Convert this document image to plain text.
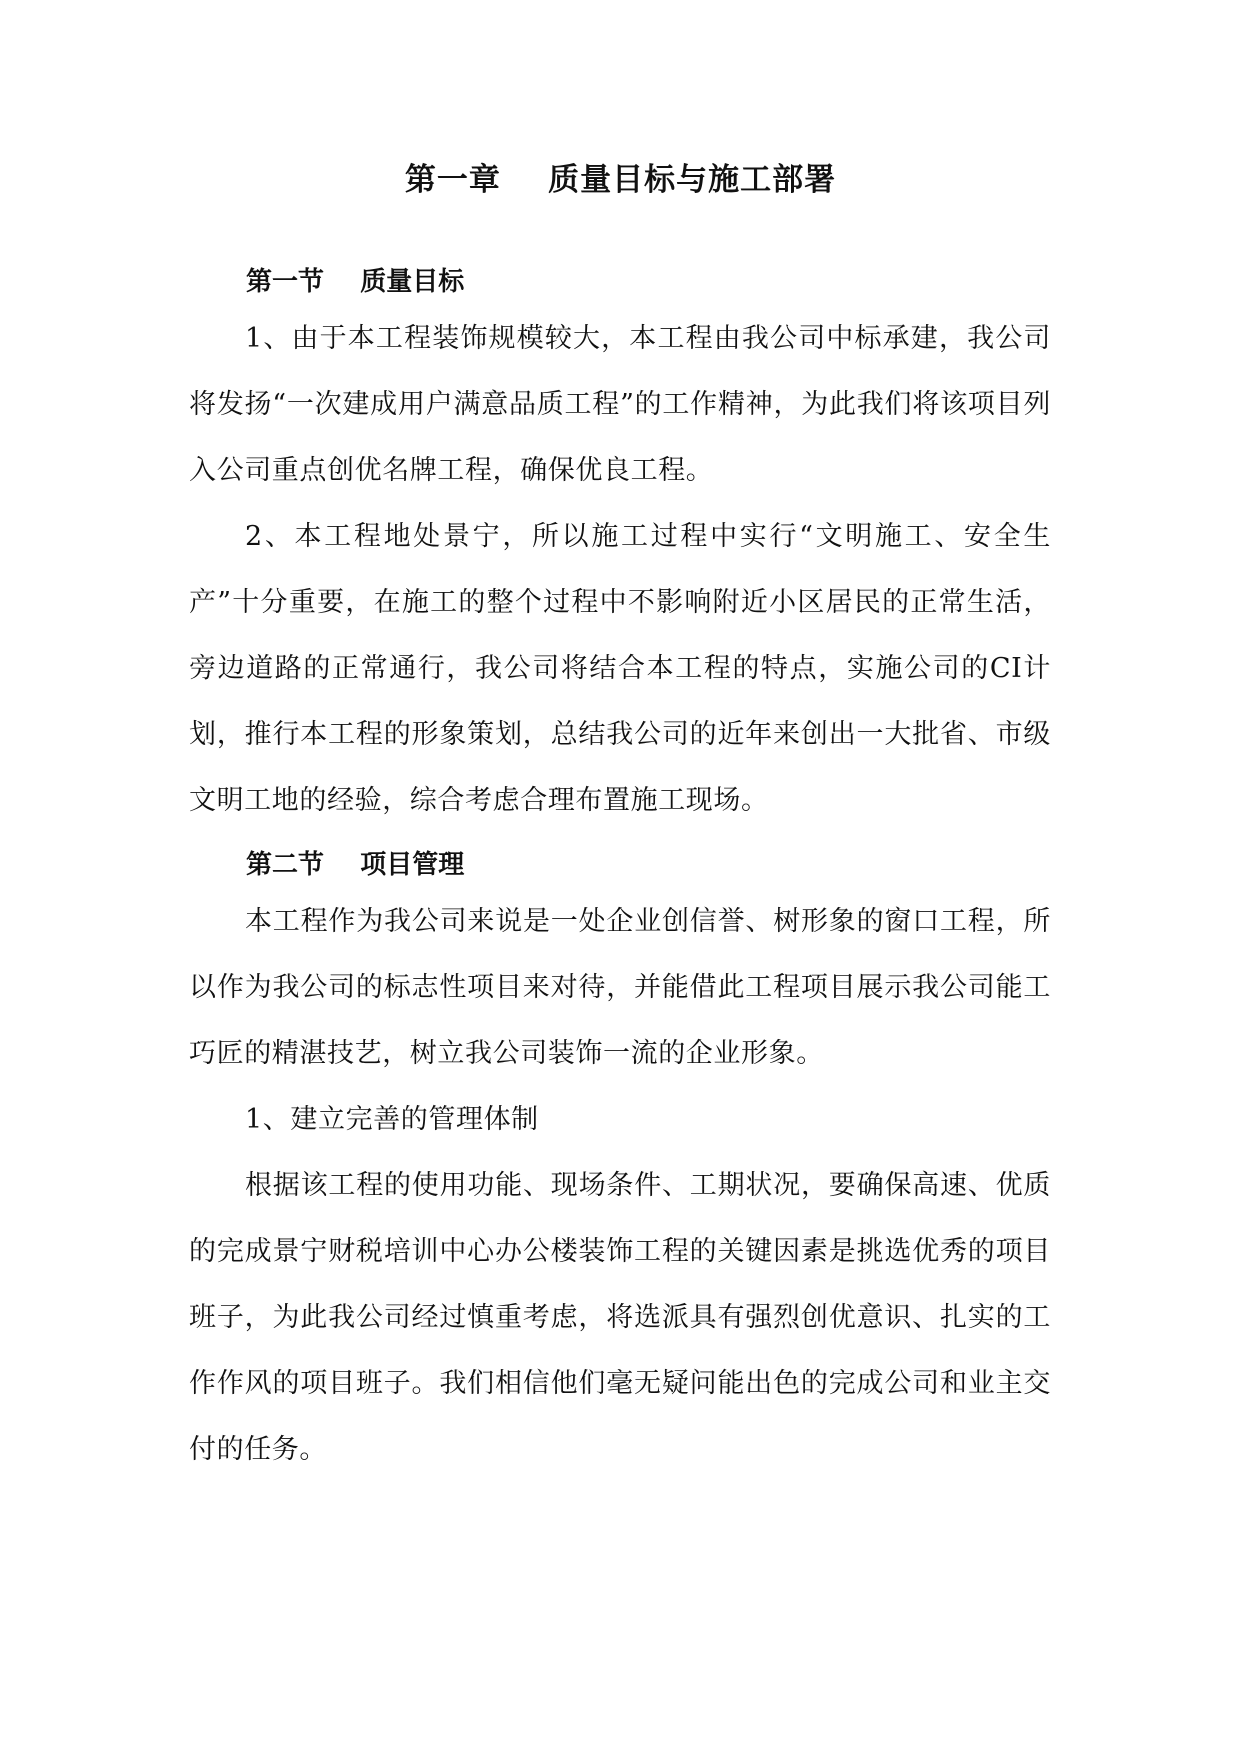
第一章    质量目标与施工部署
第一节    质量目标

1、由于本工程装饰规模较大，本工程由我公司中标承建，我公司将发扬“一次建成用户满意品质工程”的工作精神，为此我们将该项目列入公司重点创优名牌工程，确保优良工程。

2、本工程地处景宁，所以施工过程中实行“文明施工、安全生产”十分重要，在施工的整个过程中不影响附近小区居民的正常生活，旁边道路的正常通行，我公司将结合本工程的特点，实施公司的CI计划，推行本工程的形象策划，总结我公司的近年来创出一大批省、市级文明工地的经验，综合考虑合理布置施工现场。

第二节    项目管理

本工程作为我公司来说是一处企业创信誉、树形象的窗口工程，所以作为我公司的标志性项目来对待，并能借此工程项目展示我公司能工巧匠的精湛技艺，树立我公司装饰一流的企业形象。

1、建立完善的管理体制

根据该工程的使用功能、现场条件、工期状况，要确保高速、优质的完成景宁财税培训中心办公楼装饰工程的关键因素是挑选优秀的项目班子，为此我公司经过慎重考虑，将选派具有强烈创优意识、扎实的工作作风的项目班子。我们相信他们毫无疑问能出色的完成公司和业主交付的任务。
